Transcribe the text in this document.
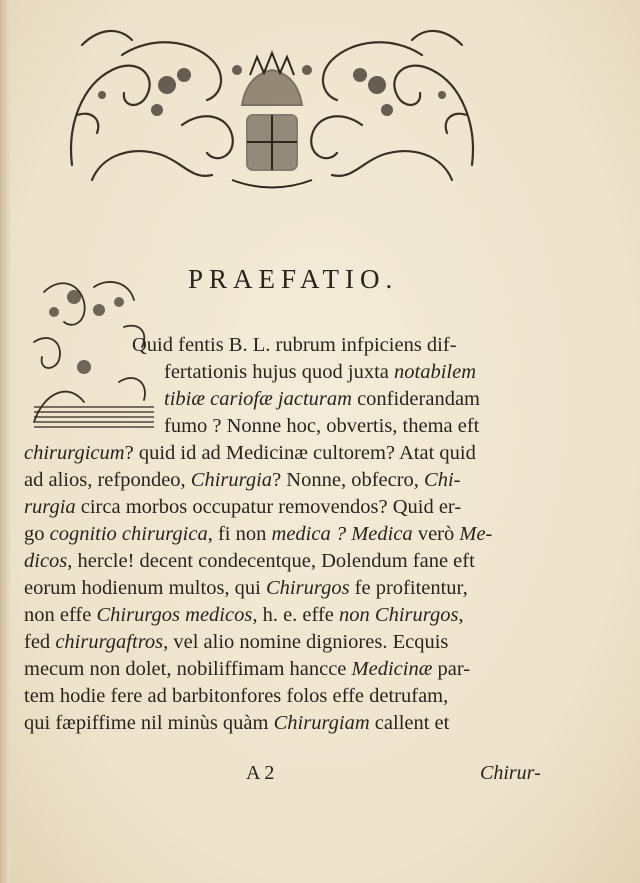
PRAEFATIO.
Quid fentis B. L. rubrum infpiciens dif-
fertationis hujus quod juxta notabilem
tibiæ cariofæ jacturam confiderandam
fumo ? Nonne hoc, obvertis, thema eft
chirurgicum? quid id ad Medicinæ cultorem? Atat quid
ad alios, refpondeo, Chirurgia? Nonne, obfecro, Chi-
rurgia circa morbos occupatur removendos? Quid er-
go cognitio chirurgica, fi non medica ? Medica verò Me-
dicos, hercle! decent condecentque, Dolendum fane eft
eorum hodienum multos, qui Chirurgos fe profitentur,
non effe Chirurgos medicos, h. e. effe non Chirurgos,
fed chirurgaftros, vel alio nomine digniores. Ecquis
mecum non dolet, nobiliffimam hancce Medicinæ par-
tem hodie fere ad barbitonfores folos effe detrufam,
qui fæpiffime nil minùs quàm Chirurgiam callent et
A 2	Chirur-
